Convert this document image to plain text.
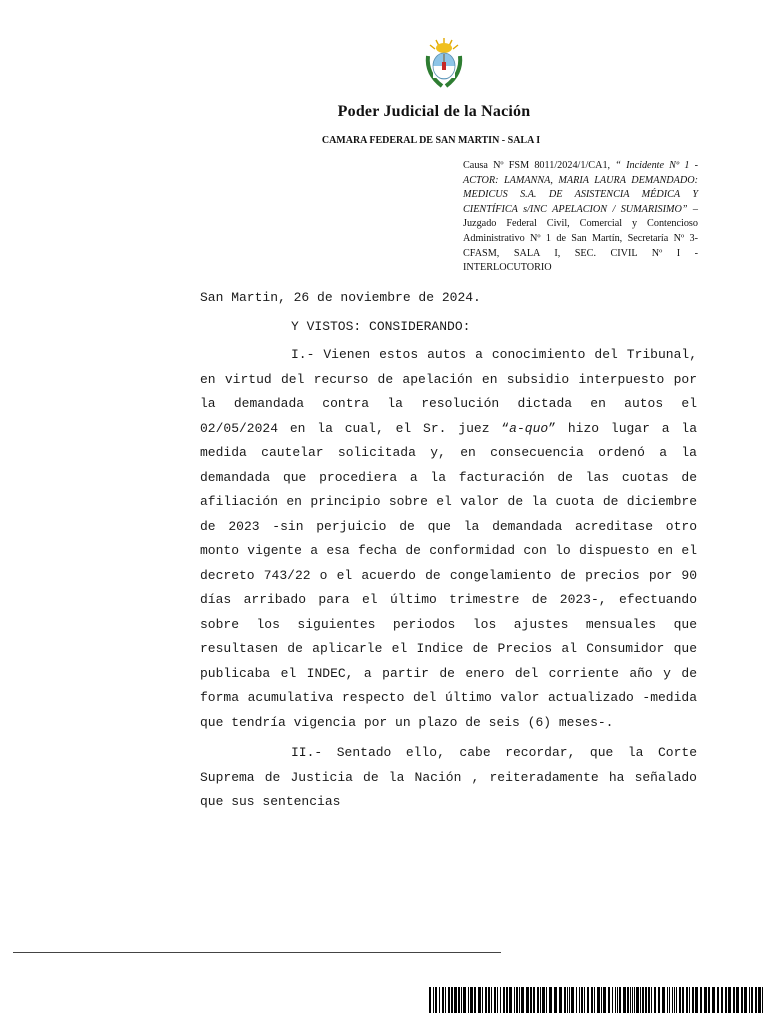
Poder Judicial de la Nación
CAMARA FEDERAL DE SAN MARTIN - SALA I
Causa Nº FSM 8011/2024/1/CA1, “ Incidente Nº 1 - ACTOR: LAMANNA, MARIA LAURA DEMANDADO: MEDICUS S.A. DE ASISTENCIA MÉDICA Y CIENTÍFICA s/INC APELACION / SUMARISIMO” –Juzgado Federal Civil, Comercial y Contencioso Administrativo Nº 1 de San Martín, Secretaría Nº 3- CFASM, SALA I, SEC. CIVIL Nº I - INTERLOCUTORIO

San Martin, 26 de noviembre de 2024.

Y VISTOS: CONSIDERANDO:

I.- Vienen estos autos a conocimiento del Tribunal, en virtud del recurso de apelación en subsidio interpuesto por la demandada contra la resolución dictada en autos el 02/05/2024 en la cual, el Sr. juez “a-quo” hizo lugar a la medida cautelar solicitada y, en consecuencia ordenó a la demandada que procediera a la facturación de las cuotas de afiliación en principio sobre el valor de la cuota de diciembre de 2023 -sin perjuicio de que la demandada acreditase otro monto vigente a esa fecha de conformidad con lo dispuesto en el decreto 743/22 o el acuerdo de congelamiento de precios por 90 días arribado para el último trimestre de 2023-, efectuando sobre los siguientes periodos los ajustes mensuales que resultasen de aplicarle el Indice de Precios al Consumidor que publicaba el INDEC, a partir de enero del corriente año y de forma acumulativa respecto del último valor actualizado -medida que tendría vigencia por un plazo de seis (6) meses-.

II.- Sentado ello, cabe recordar, que la Corte Suprema de Justicia de la Nación , reiteradamente ha señalado que sus sentencias
